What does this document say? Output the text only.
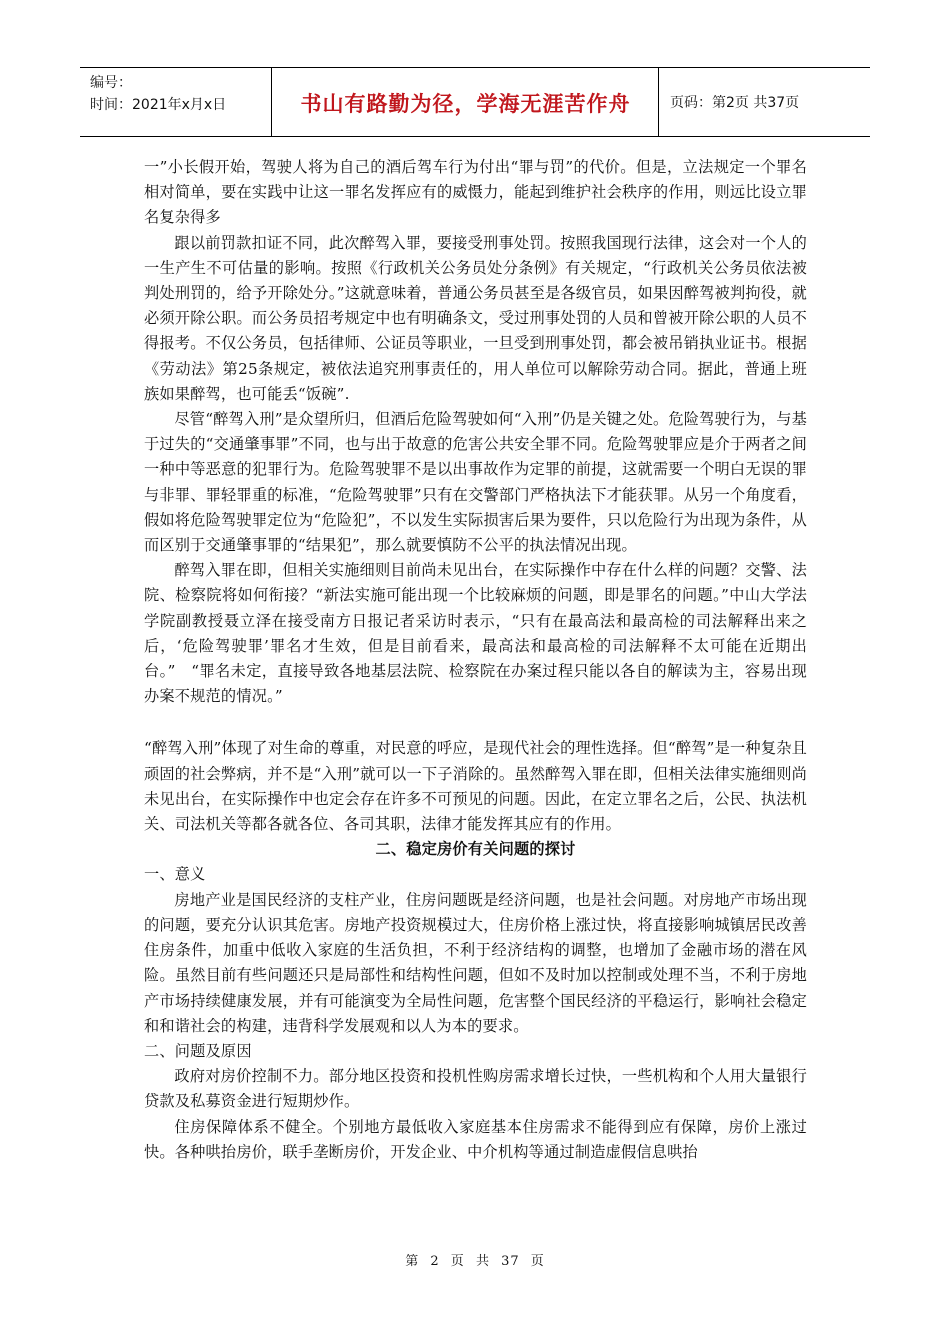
编号：
时间：2021年x月x日	书山有路勤为径，学海无涯苦作舟	页码：第2页 共37页

一”小长假开始，驾驶人将为自己的酒后驾车行为付出“罪与罚”的代价。但是，立法规定一个罪名相对简单，要在实践中让这一罪名发挥应有的威慑力，能起到维护社会秩序的作用，则远比设立罪名复杂得多

跟以前罚款扣证不同，此次醉驾入罪，要接受刑事处罚。按照我国现行法律，这会对一个人的一生产生不可估量的影响。按照《行政机关公务员处分条例》有关规定，“行政机关公务员依法被判处刑罚的，给予开除处分。”这就意味着，普通公务员甚至是各级官员，如果因醉驾被判拘役，就必须开除公职。而公务员招考规定中也有明确条文，受过刑事处罚的人员和曾被开除公职的人员不得报考。不仅公务员，包括律师、公证员等职业，一旦受到刑事处罚，都会被吊销执业证书。根据《劳动法》第25条规定，被依法追究刑事责任的，用人单位可以解除劳动合同。据此，普通上班族如果醉驾，也可能丢“饭碗”.

尽管“醉驾入刑”是众望所归，但酒后危险驾驶如何“入刑”仍是关键之处。危险驾驶行为，与基于过失的“交通肇事罪”不同，也与出于故意的危害公共安全罪不同。危险驾驶罪应是介于两者之间一种中等恶意的犯罪行为。危险驾驶罪不是以出事故作为定罪的前提，这就需要一个明白无误的罪与非罪、罪轻罪重的标准，“危险驾驶罪”只有在交警部门严格执法下才能获罪。从另一个角度看，假如将危险驾驶罪定位为“危险犯”，不以发生实际损害后果为要件，只以危险行为出现为条件，从而区别于交通肇事罪的“结果犯”，那么就要慎防不公平的执法情况出现。

醉驾入罪在即，但相关实施细则目前尚未见出台，在实际操作中存在什么样的问题？交警、法院、检察院将如何衔接？“新法实施可能出现一个比较麻烦的问题，即是罪名的问题。”中山大学法学院副教授聂立泽在接受南方日报记者采访时表示，“只有在最高法和最高检的司法解释出来之后，‘危险驾驶罪’罪名才生效，但是目前看来，最高法和最高检的司法解释不太可能在近期出台。”　“罪名未定，直接导致各地基层法院、检察院在办案过程只能以各自的解读为主，容易出现办案不规范的情况。”

“醉驾入刑”体现了对生命的尊重，对民意的呼应，是现代社会的理性选择。但“醉驾”是一种复杂且顽固的社会弊病，并不是“入刑”就可以一下子消除的。虽然醉驾入罪在即，但相关法律实施细则尚未见出台，在实际操作中也定会存在许多不可预见的问题。因此，在定立罪名之后，公民、执法机关、司法机关等都各就各位、各司其职，法律才能发挥其应有的作用。

二、稳定房价有关问题的探讨

一、意义

房地产业是国民经济的支柱产业，住房问题既是经济问题，也是社会问题。对房地产市场出现的问题，要充分认识其危害。房地产投资规模过大，住房价格上涨过快，将直接影响城镇居民改善住房条件，加重中低收入家庭的生活负担，不利于经济结构的调整，也增加了金融市场的潜在风险。虽然目前有些问题还只是局部性和结构性问题，但如不及时加以控制或处理不当，不利于房地产市场持续健康发展，并有可能演变为全局性问题，危害整个国民经济的平稳运行，影响社会稳定和和谐社会的构建，违背科学发展观和以人为本的要求。

二、问题及原因

政府对房价控制不力。部分地区投资和投机性购房需求增长过快，一些机构和个人用大量银行贷款及私募资金进行短期炒作。

住房保障体系不健全。个别地方最低收入家庭基本住房需求不能得到应有保障，房价上涨过快。各种哄抬房价，联手垄断房价，开发企业、中介机构等通过制造虚假信息哄抬

第 2 页 共 37 页
